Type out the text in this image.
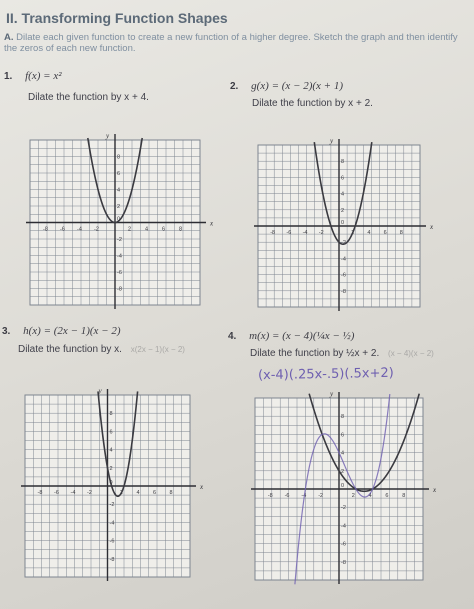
II. Transforming Function Shapes
A. Dilate each given function to create a new function of a higher degree. Sketch the graph and then identify the zeros of each new function.
1. f(x) = x²
Dilate the function by x + 4.
2. g(x) = (x − 2)(x + 1)
Dilate the function by x + 2.
3. h(x) = (2x − 1)(x − 2)
Dilate the function by x. x(2x − 1)(x − 2)
4. m(x) = (x − 4)(¼x − ½)
Dilate the function by ½x + 2. (x − 4)(x − 2)
(x-4)(.25x-.5)(.5x+2)
x
y
-8 -6 -4 -2	2	4	6	8
0
8
6
4
2
-2
-4
-6
-8
x
y
-8 -6 -4 -2	2 4 6 8
0
8
6
4
2
-2
-4
-6
-8
x
y
-8 -6 -4 -2	2 4 6 8
0
8
6
4
2
-2
-4
-6
-8
x
y
-8 -6 -4 -2	2 4 6 8
0
8
6
4
2
-2
-4
-6
-8
